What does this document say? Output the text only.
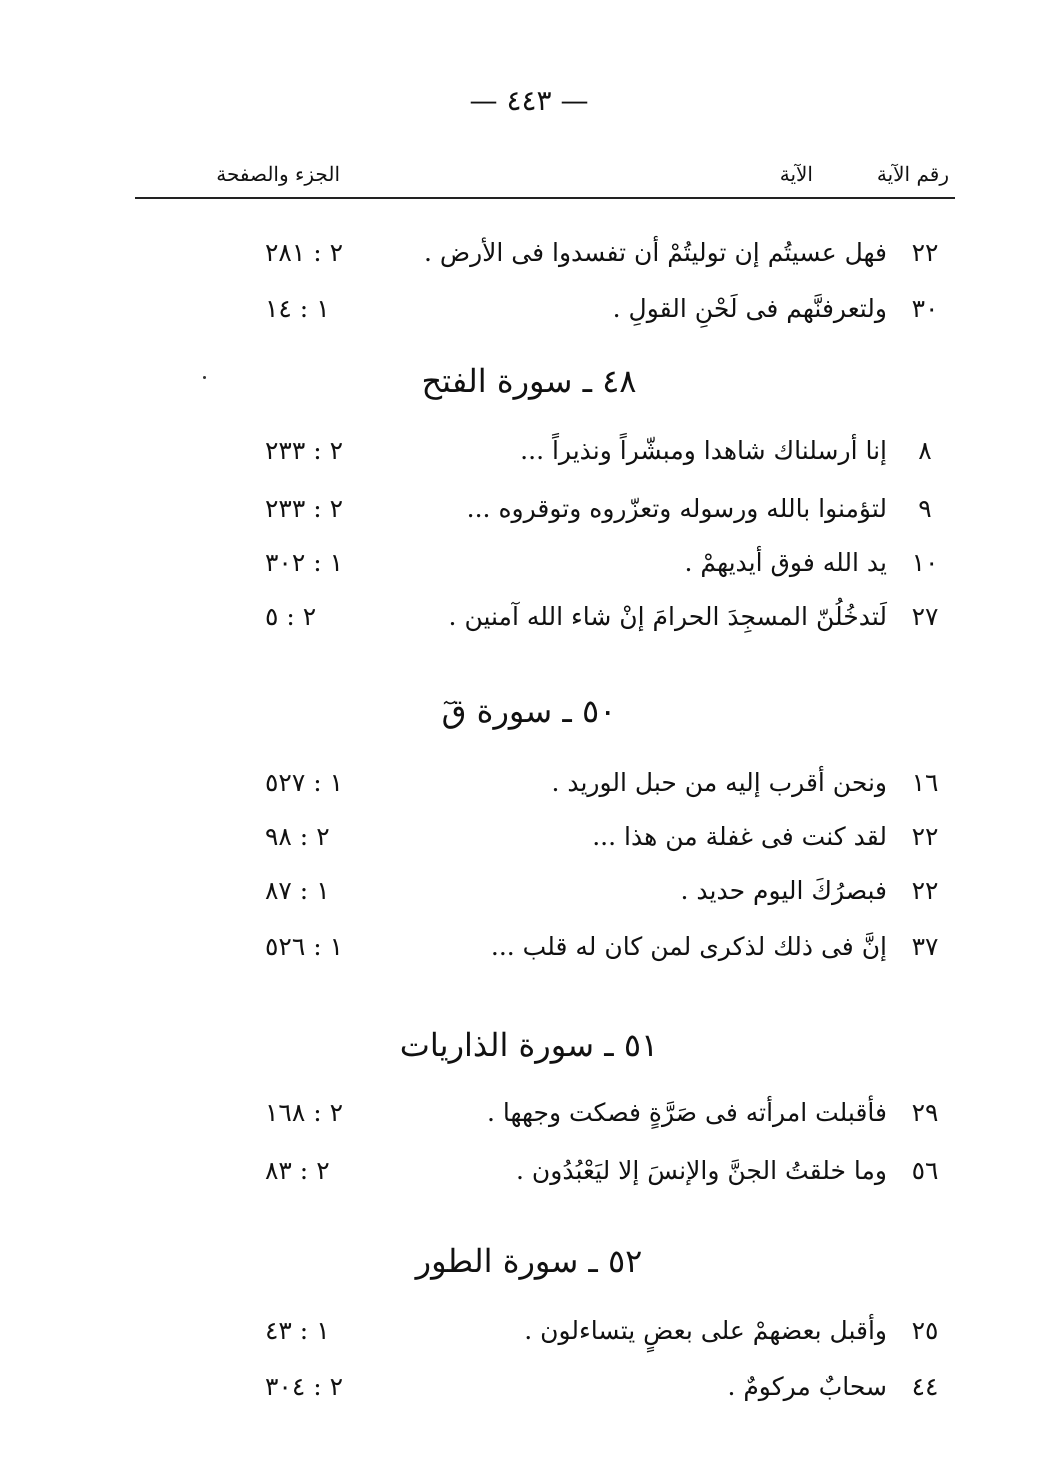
— ٤٤٣ —
رقم الآية
الآية
الجزء والصفحة
٢٢
فهل عسيتُم إن توليتُمْ أن تفسدوا فى الأرض .
٢ : ٢٨١
٣٠
ولتعرفنَّهم فى لَحْنِ القولِ .
١ : ١٤
٤٨ ـ سورة الفتح
٨
إنا أرسلناك شاهدا ومبشّراً ونذيراً ...
٢ : ٢٣٣
٩
لتؤمنوا بالله ورسوله وتعزّروه وتوقروه ...
٢ : ٢٣٣
١٠
يد الله فوق أيديهمْ .
١ : ٣٠٢
٢٧
لَتدخُلُنّ المسجِدَ الحرامَ إنْ شاء الله آمنين .
٢ : ٥
٥٠ ـ سورة قٓ
١٦
ونحن أقرب إليه من حبل الوريد .
١ : ٥٢٧
٢٢
لقد كنت فى غفلة من هذا ...
٢ : ٩٨
٢٢
فبصرُكَ اليوم حديد .
١ : ٨٧
٣٧
إنَّ فى ذلك لذكرى لمن كان له قلب ...
١ : ٥٢٦
٥١ ـ سورة الذاريات
٢٩
فأقبلت امرأته فى صَرَّةٍ فصكت وجهها .
٢ : ١٦٨
٥٦
وما خلقتُ الجنَّ والإنسَ إلا ليَعْبُدُون .
٢ : ٨٣
٥٢ ـ سورة الطور
٢٥
وأقبل بعضهمْ على بعضٍ يتساءلون .
١ : ٤٣
٤٤
سحابٌ مركومٌ .
٢ : ٣٠٤
